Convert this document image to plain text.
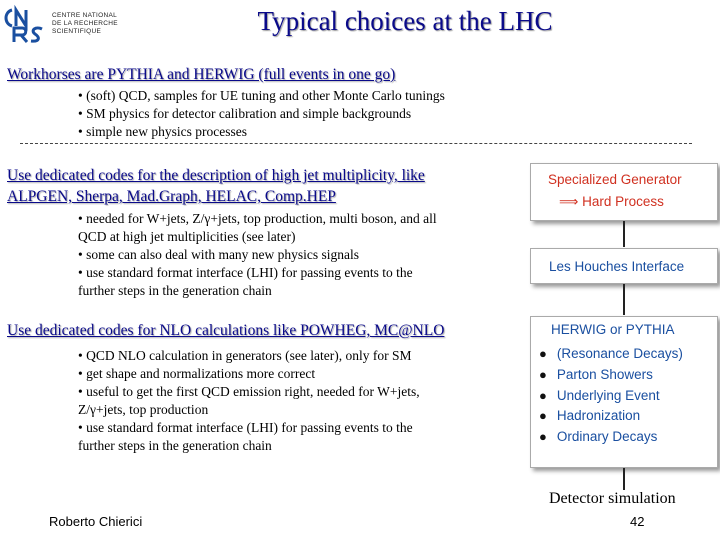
CENTRE NATIONAL
DE LA RECHERCHE
SCIENTIFIQUE	Typical choices at the LHC
Workhorses are PYTHIA and HERWIG (full events in one go)
• (soft) QCD, samples for UE tuning and other Monte Carlo tunings
• SM physics for detector calibration and simple backgrounds
• simple new physics processes
Use dedicated codes for the description of high jet multiplicity, like
ALPGEN, Sherpa, Mad.Graph, HELAC, Comp.HEP
• needed for W+jets, Z/γ+jets, top production, multi boson, and all
QCD at high jet multiplicities (see later)
• some can also deal with many new physics signals
• use standard format interface (LHI) for passing events to the
further steps in the generation chain
Use dedicated codes for NLO calculations like POWHEG, MC@NLO
• QCD NLO calculation in generators (see later), only for SM
• get shape and normalizations more correct
• useful to get the first QCD emission right, needed for W+jets,
Z/γ+jets, top production
• use standard format interface (LHI) for passing events to the
further steps in the generation chain
Specialized Generator
⟹ Hard Process
Les Houches Interface
HERWIG or PYTHIA
● (Resonance Decays)
● Parton Showers
● Underlying Event
● Hadronization
● Ordinary Decays
Detector simulation
Roberto Chierici	42
